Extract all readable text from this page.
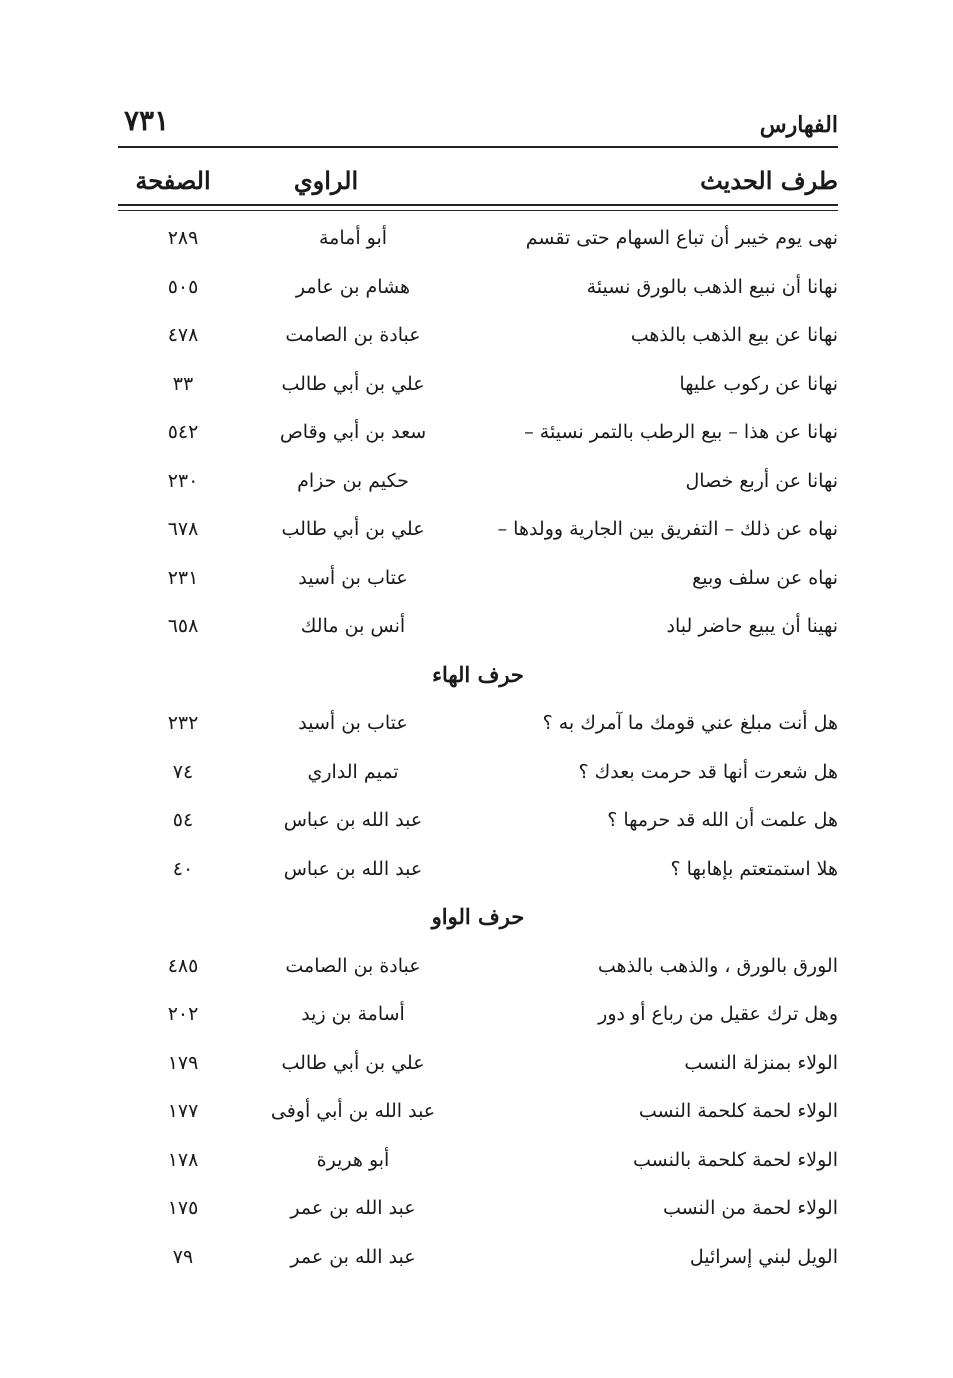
الفهارس
٧٣١
طرف الحديث
الراوي
الصفحة
نهى يوم خيبر أن تباع السهام حتى تقسم
أبو أمامة
٢٨٩
نهانا أن نبيع الذهب بالورق نسيئة
هشام بن عامر
٥٠٥
نهانا عن بيع الذهب بالذهب
عبادة بن الصامت
٤٧٨
نهانا عن ركوب عليها
علي بن أبي طالب
٣٣
نهانا عن هذا – بيع الرطب بالتمر نسيئة –
سعد بن أبي وقاص
٥٤٢
نهانا عن أربع خصال
حكيم بن حزام
٢٣٠
نهاه عن ذلك – التفريق بين الجارية وولدها –
علي بن أبي طالب
٦٧٨
نهاه عن سلف وبيع
عتاب بن أسيد
٢٣١
نهينا أن يبيع حاضر لباد
أنس بن مالك
٦٥٨
حرف الهاء
هل أنت مبلغ عني قومك ما آمرك به ؟
عتاب بن أسيد
٢٣٢
هل شعرت أنها قد حرمت بعدك ؟
تميم الداري
٧٤
هل علمت أن الله قد حرمها ؟
عبد الله بن عباس
٥٤
هلا استمتعتم بإهابها ؟
عبد الله بن عباس
٤٠
حرف الواو
الورق بالورق ، والذهب بالذهب
عبادة بن الصامت
٤٨٥
وهل ترك عقيل من رباع أو دور
أسامة بن زيد
٢٠٢
الولاء بمنزلة النسب
علي بن أبي طالب
١٧٩
الولاء لحمة كلحمة النسب
عبد الله بن أبي أوفى
١٧٧
الولاء لحمة كلحمة بالنسب
أبو هريرة
١٧٨
الولاء لحمة من النسب
عبد الله بن عمر
١٧٥
الويل لبني إسرائيل
عبد الله بن عمر
٧٩
